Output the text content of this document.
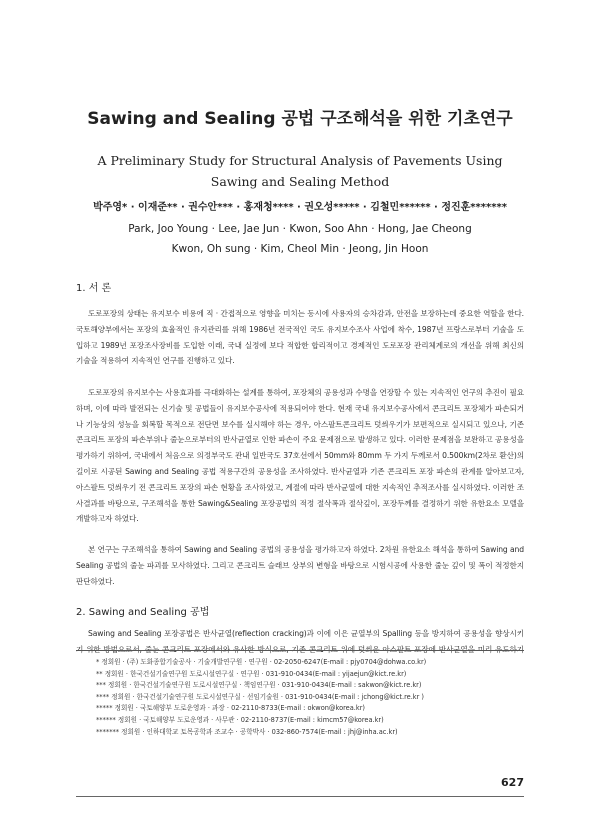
Sawing and Sealing 공법 구조해석을 위한 기초연구
A Preliminary Study for Structural Analysis of Pavements Using
Sawing and Sealing Method
박주영* · 이재준** · 권수안*** · 홍재청**** · 권오성***** · 김철민****** · 정진훈*******
Park, Joo Young · Lee, Jae Jun · Kwon, Soo Ahn · Hong, Jae Cheong
Kwon, Oh sung · Kim, Cheol Min · Jeong, Jin Hoon
1. 서 론
도로포장의 상태는 유지보수 비용에 직 · 간접적으로 영향을 미치는 동시에 사용자의 승차감과, 안전을 보장하는데 중요한 역할을 한다. 국토해양부에서는 포장의 효율적인 유지관리를 위해 1986년 전국적인 국도 유지보수조사 사업에 착수, 1987년 프랑스로부터 기술을 도입하고 1989년 포장조사장비를 도입한 이래, 국내 실정에 보다 적합한 합리적이고 경제적인 도로포장 관리체계로의 개선을 위해 최신의 기술을 적용하여 지속적인 연구를 진행하고 있다.
도로포장의 유지보수는 사용효과를 극대화하는 설계를 통하여, 포장체의 공용성과 수명을 연장할 수 있는 지속적인 연구의 추진이 필요하며, 이에 따라 발전되는 신기술 및 공법들이 유지보수공사에 적용되어야 한다. 현재 국내 유지보수공사에서 콘크리트 포장체가 파손되거나 기능상의 성능을 회복할 목적으로 전단면 보수를 실시해야 하는 경우, 아스팔트콘크리트 덧씌우기가 보편적으로 실시되고 있으나, 기존 콘크리트 포장의 파손부위나 줄눈으로부터의 반사균열로 인한 파손이 주요 문제점으로 발생하고 있다. 이러한 문제점을 보완하고 공용성을 평가하기 위하여, 국내에서 처음으로 의정부국도 관내 일반국도 37호선에서 50mm와 80mm 두 가지 두께로서 0.500km(2차로 환산)의 길이로 시공된 Sawing and Sealing 공법 적용구간의 공용성을 조사하였다. 반사균열과 기존 콘크리트 포장 파손의 관계를 알아보고자, 아스팔트 덧씌우기 전 콘크리트 포장의 파손 현황을 조사하였고, 계절에 따라 반사균열에 대한 지속적인 추적조사를 실시하였다. 이러한 조사결과를 바탕으로, 구조해석을 통한 Sawing&Sealing 포장공법의 적정 절삭폭과 절삭깊이, 포장두께를 결정하기 위한 유한요소 모델을 개발하고자 하였다.
본 연구는 구조해석을 통하여 Sawing and Sealing 공법의 공용성을 평가하고자 하였다. 2차원 유한요소 해석을 통하여 Sawing and Sealing 공법의 줄눈 파괴를 모사하였다. 그리고 콘크리트 슬래브 상부의 변형을 바탕으로 시험시공에 사용한 줄눈 깊이 및 폭이 적정한지 판단하였다.
2. Sawing and Sealing 공법
Sawing and Sealing 포장공법은 반사균열(reflection cracking)과 이에 이은 균열부의 Spalling 등을 방지하여 공용성을 향상시키기 위한 방법으로서, 줄눈 콘크리트 포장에서와 유사한 방식으로, 기존 콘크리트 위에 덧씌운 아스팔트 포장에 반사균열을 미리 유도하기
* 정회원 · (주) 도화종합기술공사 · 기술개발연구원 · 연구원 · 02-2050-6247(E-mail : pjy0704@dohwa.co.kr)
** 정회원 · 한국건설기술연구원 도로시설연구실 · 연구원 · 031-910-0434(E-mail : yijaejun@kict.re.kr)
*** 정회원 · 한국건설기술연구원 도로시설연구실 · 책임연구원 · 031-910-0434(E-mail : sakwon@kict.re.kr)
**** 정회원 · 한국건설기술연구원 도로시설연구실 · 선임기술원 · 031-910-0434(E-mail : jchong@kict.re.kr )
***** 정회원 · 국토해양부 도로운영과 · 과장 · 02-2110-8733(E-mail : okwon@korea.kr)
****** 정회원 · 국토해양부 도로운영과 · 사무관 · 02-2110-8737(E-mail : kimcm57@korea.kr)
******* 정회원 · 인하대학교 토목공학과 조교수 · 공학박사 · 032-860-7574(E-mail : jhj@inha.ac.kr)
627
